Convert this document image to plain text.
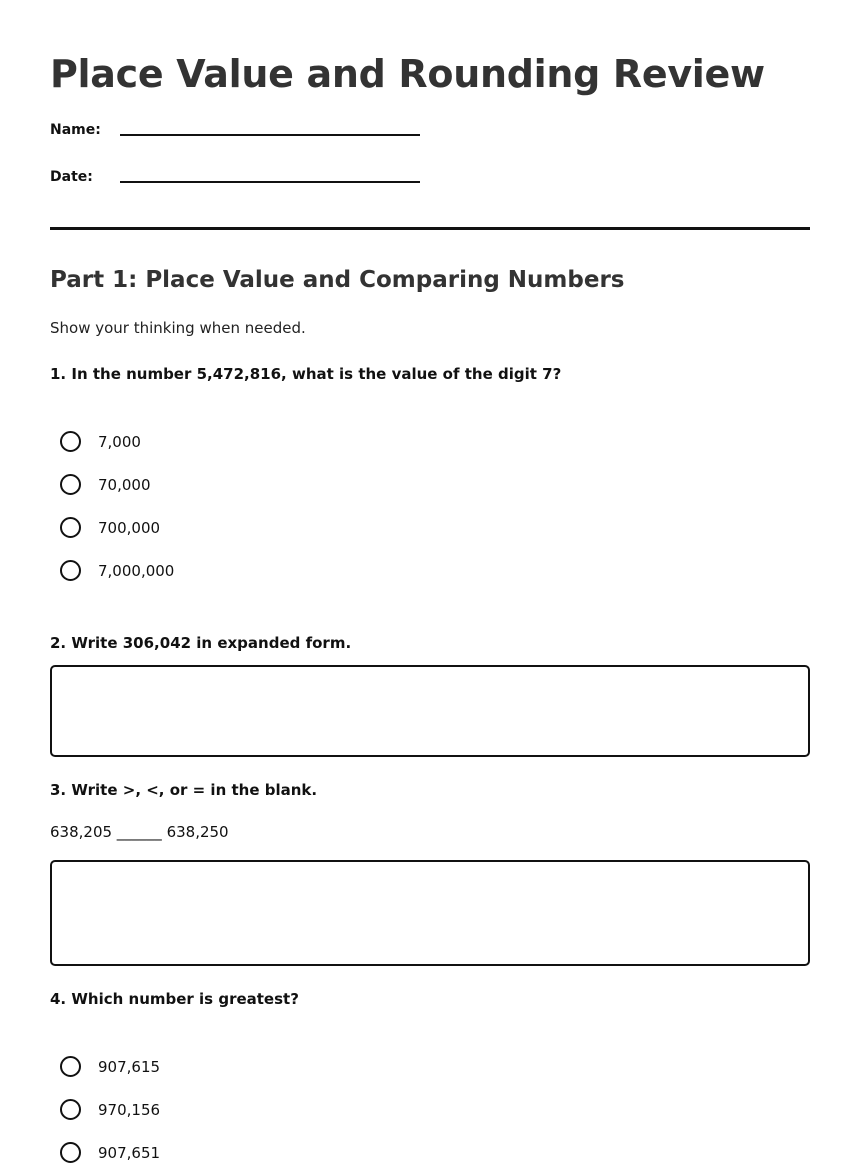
Place Value and Rounding Review
Name:
Date:
Part 1: Place Value and Comparing Numbers
Show your thinking when needed.
1. In the number 5,472,816, what is the value of the digit 7?
7,000
70,000
700,000
7,000,000
2. Write 306,042 in expanded form.
3. Write >, <, or = in the blank.
638,205 ______ 638,250
4. Which number is greatest?
907,615
970,156
907,651
